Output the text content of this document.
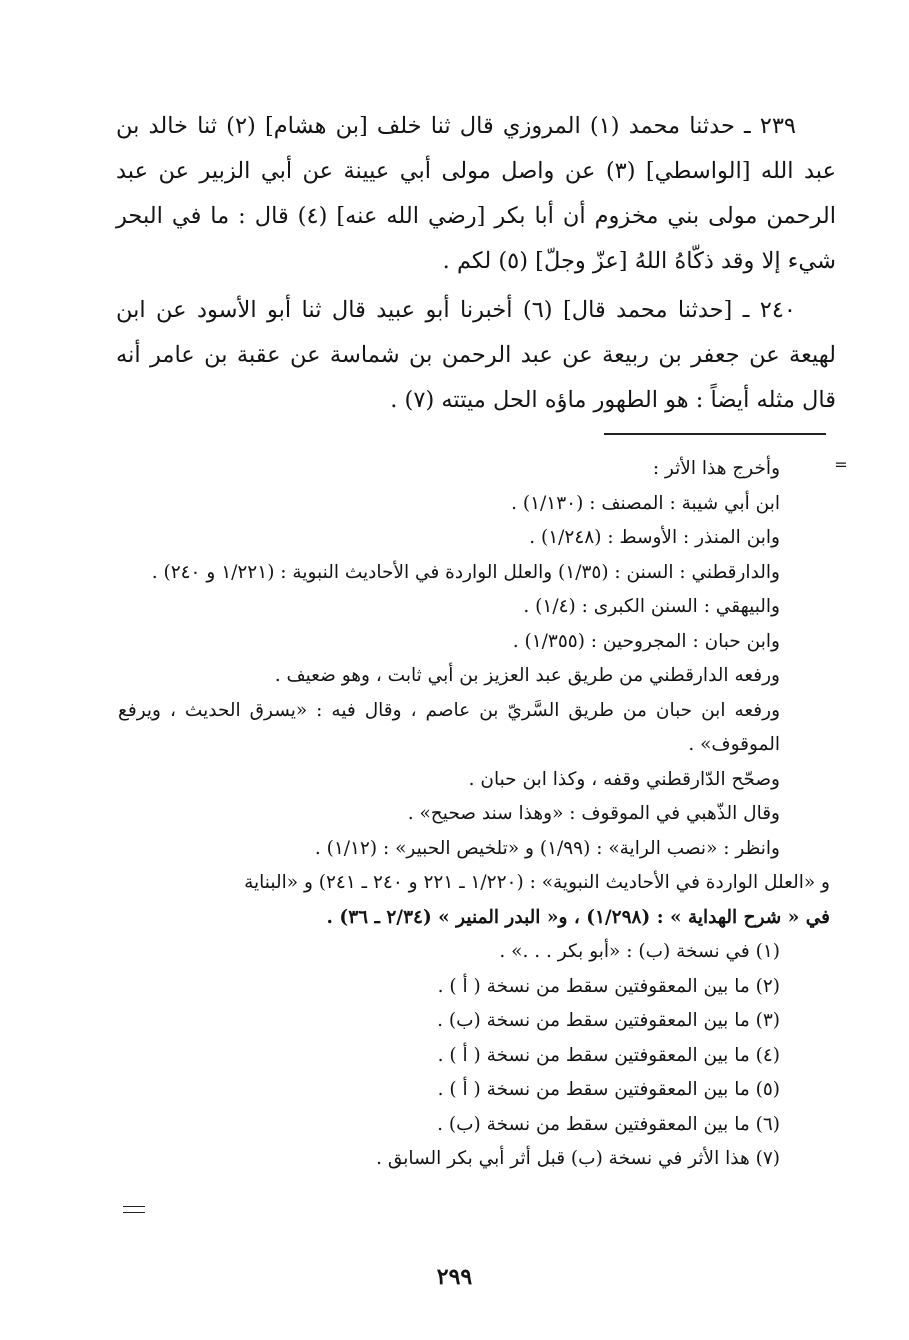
٢٣٩ ـ حدثنا محمد (١) المروزي قال ثنا خلف [بن هشام] (٢) ثنا خالد بن عبد الله [الواسطي] (٣) عن واصل مولى أبي عيينة عن أبي الزبير عن عبد الرحمن مولى بني مخزوم أن أبا بكر [رضي الله عنه] (٤) قال : ما في البحر شيء إلا وقد ذكّاهُ اللهُ [عزّ وجلّ] (٥) لكم .

٢٤٠ ـ [حدثنا محمد قال] (٦) أخبرنا أبو عبيد قال ثنا أبو الأسود عن ابن لهيعة عن جعفر بن ربيعة عن عبد الرحمن بن شماسة عن عقبة بن عامر أنه قال مثله أيضاً : هو الطهور ماؤه الحل ميتته (٧) .

=

وأخرج هذا الأثر :

ابن أبي شيبة : المصنف : (١/١٣٠) .

وابن المنذر : الأوسط : (١/٢٤٨) .

والدارقطني : السنن : (١/٣٥) والعلل الواردة في الأحاديث النبوية : (١/٢٢١ و ٢٤٠) .

والبيهقي : السنن الكبرى : (١/٤) .

وابن حبان : المجروحين : (١/٣٥٥) .

ورفعه الدارقطني من طريق عبد العزيز بن أبي ثابت ، وهو ضعيف .

ورفعه ابن حبان من طريق السَّريّ بن عاصم ، وقال فيه : «يسرق الحديث ، ويرفع الموقوف» .

وصحّح الدّارقطني وقفه ، وكذا ابن حبان .

وقال الذّهبي في الموقوف : «وهذا سند صحيح» .

وانظر : «نصب الراية» : (١/٩٩) و «تلخيص الحبير» : (١/١٢) .

و «العلل الواردة في الأحاديث النبوية» : (١/٢٢٠ ـ ٢٢١ و ٢٤٠ ـ ٢٤١) و «البناية

في « شرح الهداية » : (١/٢٩٨) ، و« البدر المنير » (٢/٣٤ ـ ٣٦) .

(١) في نسخة (ب) : «أبو بكر . . .» .
(٢) ما بين المعقوفتين سقط من نسخة ( أ ) .
(٣) ما بين المعقوفتين سقط من نسخة (ب) .
(٤) ما بين المعقوفتين سقط من نسخة ( أ ) .
(٥) ما بين المعقوفتين سقط من نسخة ( أ ) .
(٦) ما بين المعقوفتين سقط من نسخة (ب) .
(٧) هذا الأثر في نسخة (ب) قبل أثر أبي بكر السابق .
٢٩٩
